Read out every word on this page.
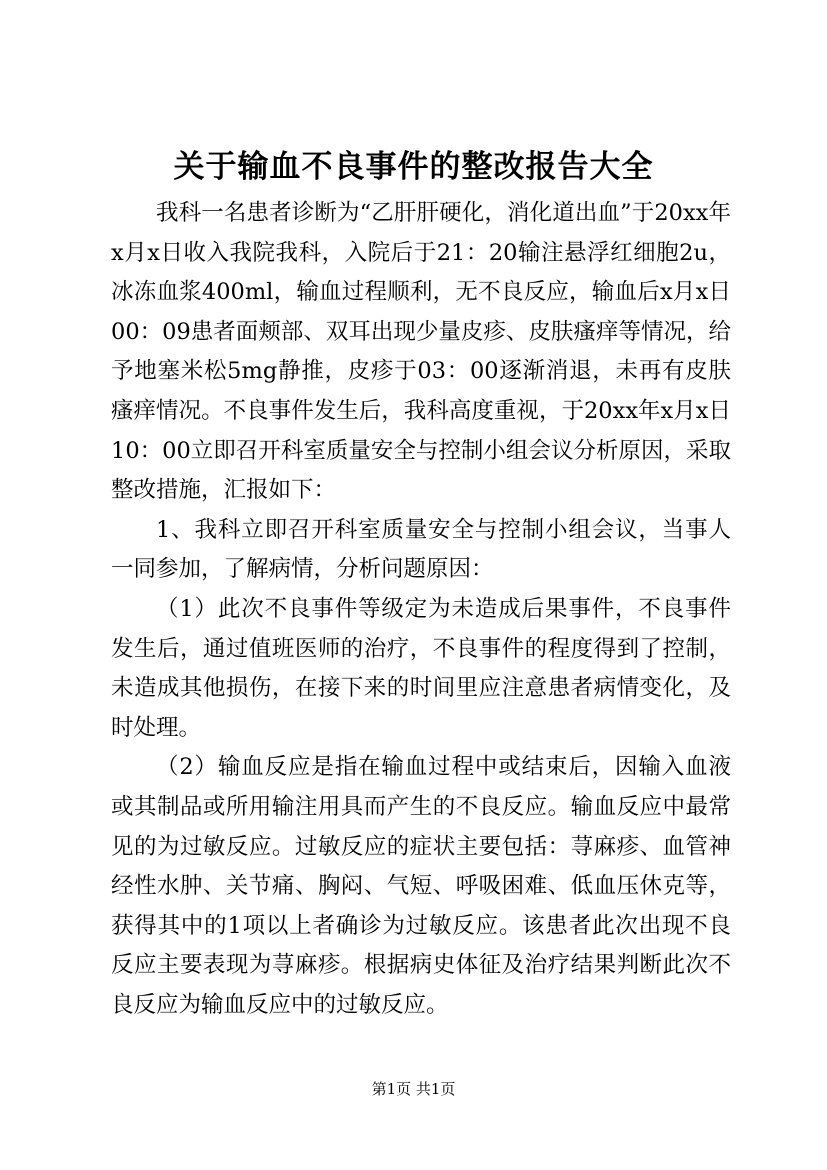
关于输血不良事件的整改报告大全

我科一名患者诊断为“乙肝肝硬化，消化道出血”于20xx年x月x日收入我院我科，入院后于21：20输注悬浮红细胞2u，冰冻血浆400ml，输血过程顺利，无不良反应，输血后x月x日00：09患者面颊部、双耳出现少量皮疹、皮肤瘙痒等情况，给予地塞米松5mg静推，皮疹于03：00逐渐消退，未再有皮肤瘙痒情况。不良事件发生后，我科高度重视，于20xx年x月x日10：00立即召开科室质量安全与控制小组会议分析原因，采取整改措施，汇报如下：

1、我科立即召开科室质量安全与控制小组会议，当事人一同参加，了解病情，分析问题原因：

（1）此次不良事件等级定为未造成后果事件，不良事件发生后，通过值班医师的治疗，不良事件的程度得到了控制，未造成其他损伤，在接下来的时间里应注意患者病情变化，及时处理。

（2）输血反应是指在输血过程中或结束后，因输入血液或其制品或所用输注用具而产生的不良反应。输血反应中最常见的为过敏反应。过敏反应的症状主要包括：荨麻疹、血管神经性水肿、关节痛、胸闷、气短、呼吸困难、低血压休克等，获得其中的1项以上者确诊为过敏反应。该患者此次出现不良反应主要表现为荨麻疹。根据病史体征及治疗结果判断此次不良反应为输血反应中的过敏反应。

第1页 共1页
